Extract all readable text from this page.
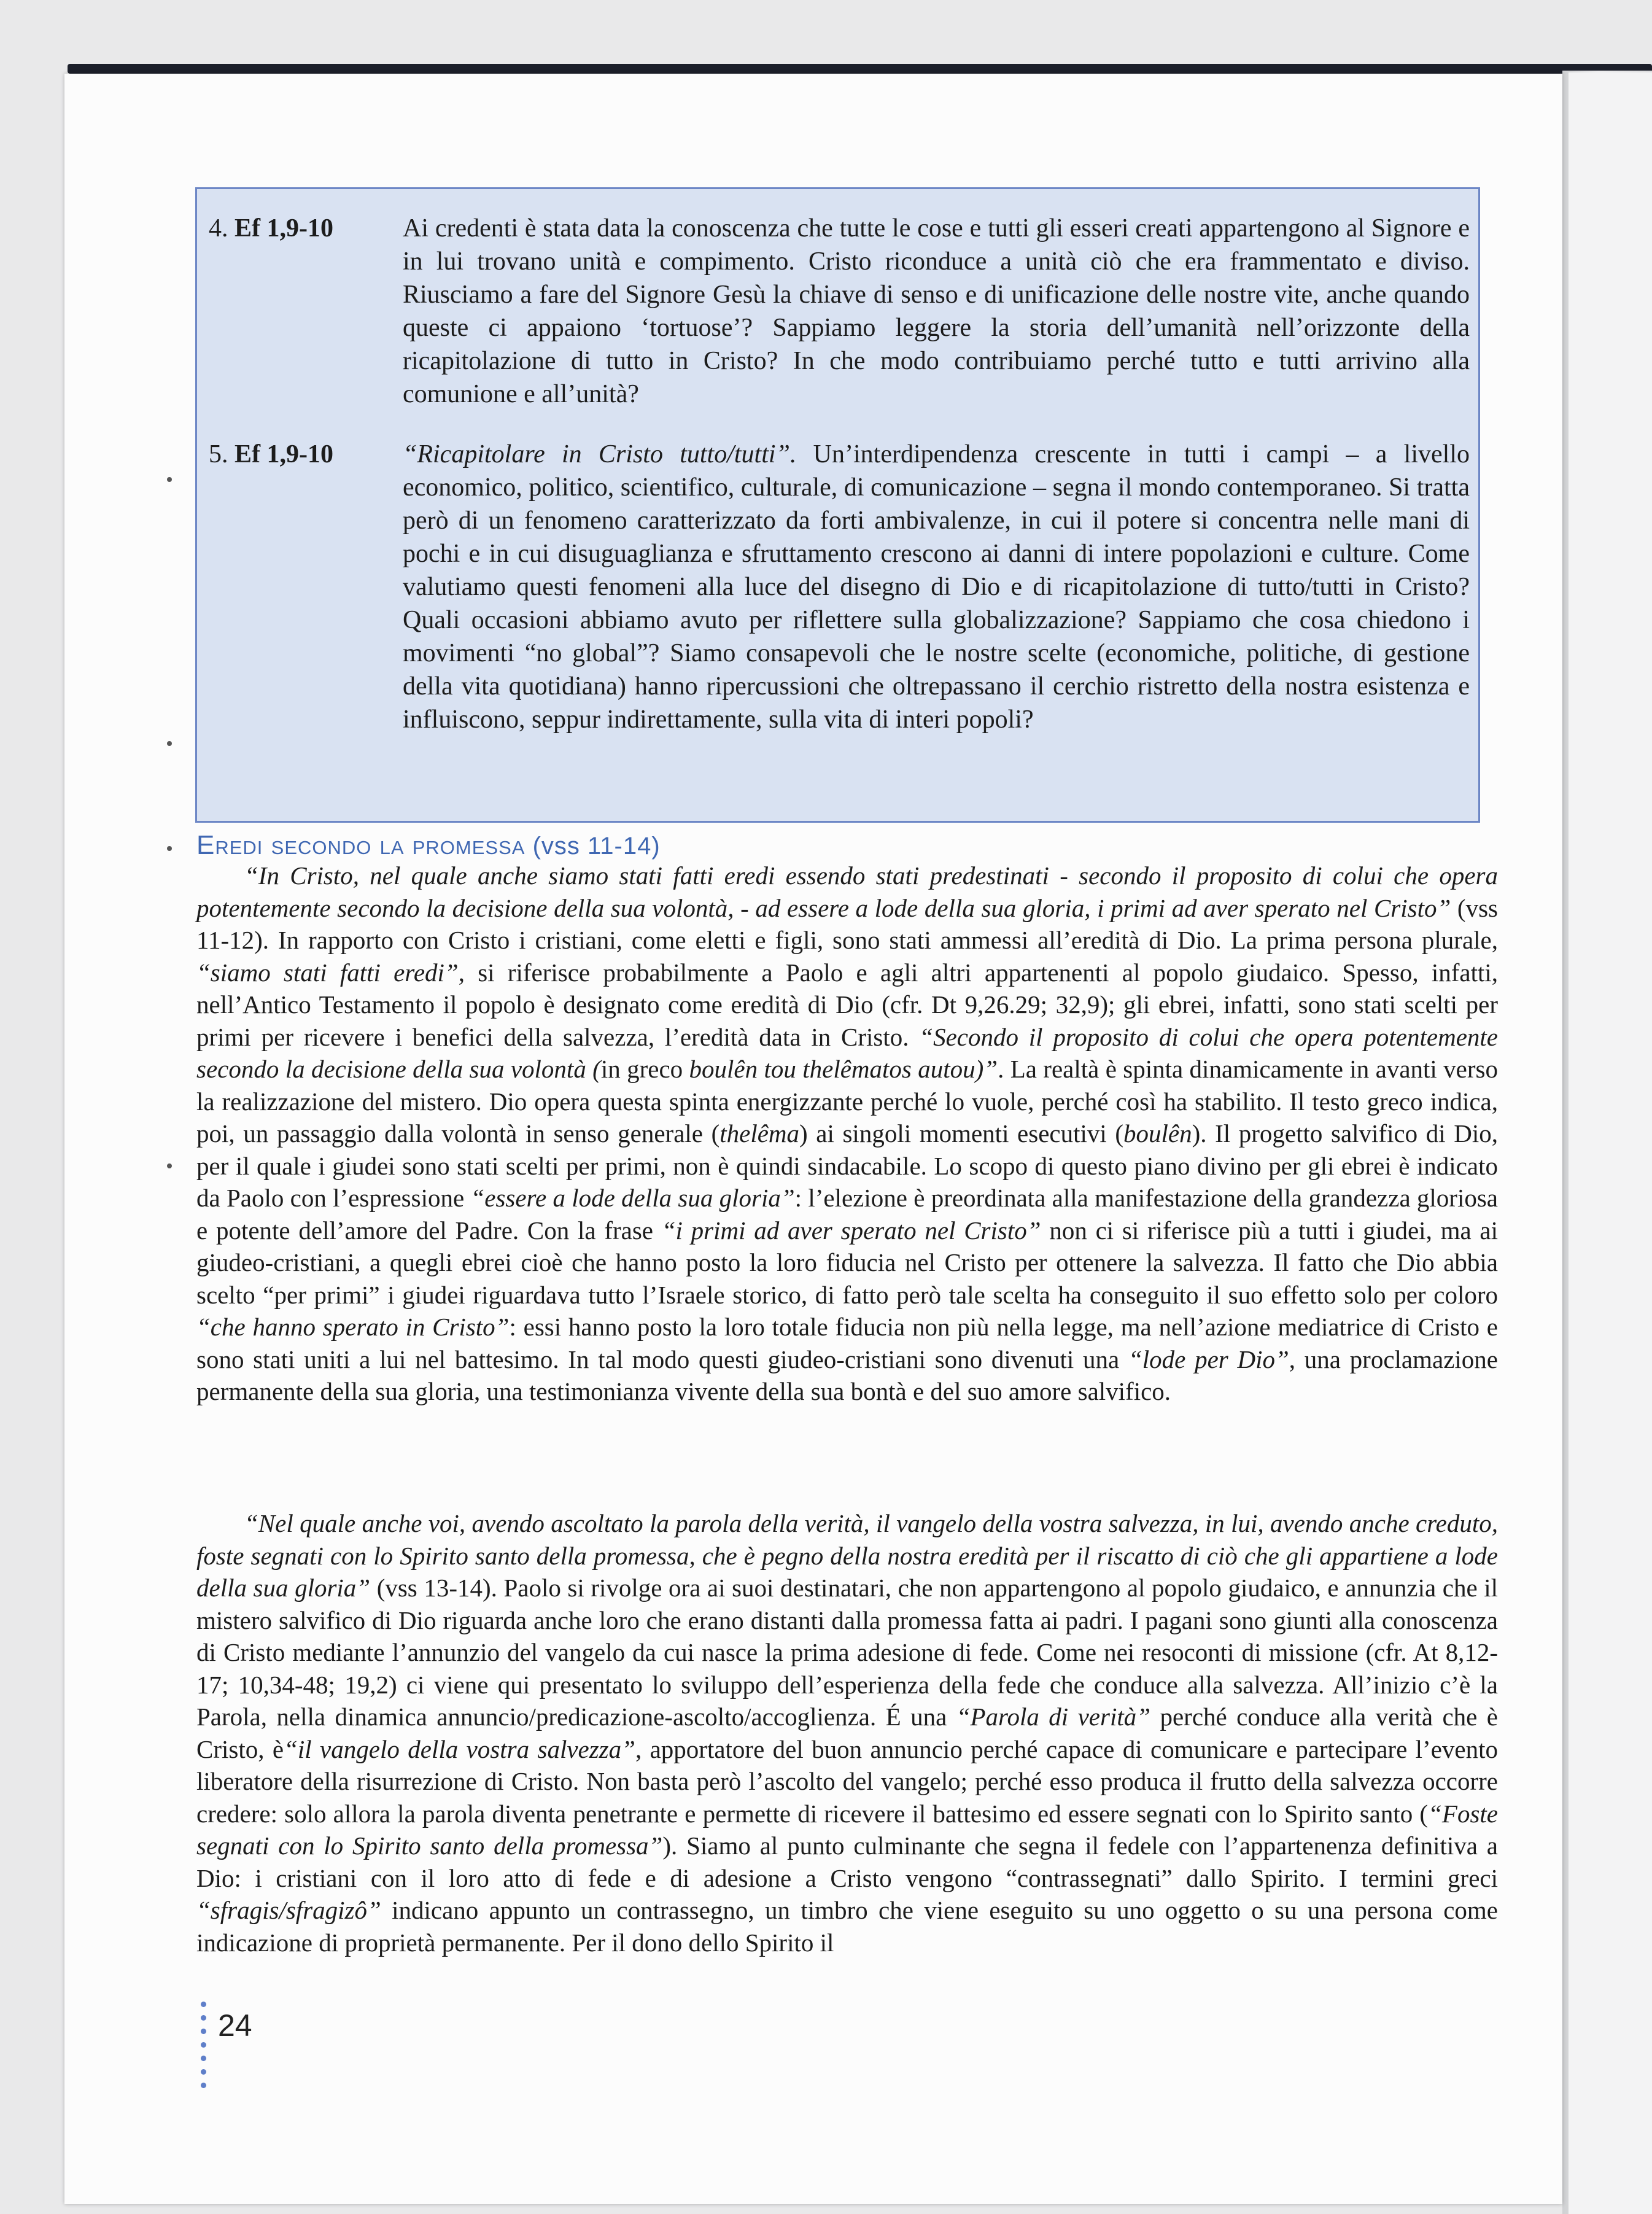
4. Ef 1,9-10	Ai credenti è stata data la conoscenza che tutte le cose e tutti gli esseri creati appartengono al Signore e in lui trovano unità e compimento. Cristo riconduce a unità ciò che era frammentato e diviso. Riusciamo a fare del Signore Gesù la chiave di senso e di unificazione delle nostre vite, anche quando queste ci appaiono ‘tortuose’? Sappiamo leggere la storia dell’umanità nell’orizzonte della ricapitolazione di tutto in Cristo? In che modo contribuiamo perché tutto e tutti arrivino alla comunione e all’unità?
5. Ef 1,9-10	“Ricapitolare in Cristo tutto/tutti”. Un’interdipendenza crescente in tutti i campi – a livello economico, politico, scientifico, culturale, di comunicazione – segna il mondo contemporaneo. Si tratta però di un fenomeno caratterizzato da forti ambivalenze, in cui il potere si concentra nelle mani di pochi e in cui disuguaglianza e sfruttamento crescono ai danni di intere popolazioni e culture. Come valutiamo questi fenomeni alla luce del disegno di Dio e di ricapitolazione di tutto/tutti in Cristo? Quali occasioni abbiamo avuto per riflettere sulla globalizzazione? Sappiamo che cosa chiedono i movimenti “no global”? Siamo consapevoli che le nostre scelte (economiche, politiche, di gestione della vita quotidiana) hanno ripercussioni che oltrepassano il cerchio ristretto della nostra esistenza e influiscono, seppur indirettamente, sulla vita di interi popoli?
Eredi secondo la promessa (vss 11-14)
“In Cristo, nel quale anche siamo stati fatti eredi essendo stati predestinati - secondo il proposito di colui che opera potentemente secondo la decisione della sua volontà, - ad essere a lode della sua gloria, i primi ad aver sperato nel Cristo” (vss 11-12). In rapporto con Cristo i cristiani, come eletti e figli, sono stati ammessi all’eredità di Dio. La prima persona plurale, “siamo stati fatti eredi”, si riferisce probabilmente a Paolo e agli altri appartenenti al popolo giudaico. Spesso, infatti, nell’Antico Testamento il popolo è designato come eredità di Dio (cfr. Dt 9,26.29; 32,9); gli ebrei, infatti, sono stati scelti per primi per ricevere i benefici della salvezza, l’eredità data in Cristo. “Secondo il proposito di colui che opera potentemente secondo la decisione della sua volontà (in greco boulên tou thelêmatos autou)”. La realtà è spinta dinamicamente in avanti verso la realizzazione del mistero. Dio opera questa spinta energizzante perché lo vuole, perché così ha stabilito. Il testo greco indica, poi, un passaggio dalla volontà in senso generale (thelêma) ai singoli momenti esecutivi (boulên). Il progetto salvifico di Dio, per il quale i giudei sono stati scelti per primi, non è quindi sindacabile. Lo scopo di questo piano divino per gli ebrei è indicato da Paolo con l’espressione “essere a lode della sua gloria”: l’elezione è preordinata alla manifestazione della grandezza gloriosa e potente dell’amore del Padre. Con la frase “i primi ad aver sperato nel Cristo” non ci si riferisce più a tutti i giudei, ma ai giudeo-cristiani, a quegli ebrei cioè che hanno posto la loro fiducia nel Cristo per ottenere la salvezza. Il fatto che Dio abbia scelto “per primi” i giudei riguardava tutto l’Israele storico, di fatto però tale scelta ha conseguito il suo effetto solo per coloro “che hanno sperato in Cristo”: essi hanno posto la loro totale fiducia non più nella legge, ma nell’azione mediatrice di Cristo e sono stati uniti a lui nel battesimo. In tal modo questi giudeo-cristiani sono divenuti una “lode per Dio”, una proclamazione permanente della sua gloria, una testimonianza vivente della sua bontà e del suo amore salvifico.
“Nel quale anche voi, avendo ascoltato la parola della verità, il vangelo della vostra salvezza, in lui, avendo anche creduto, foste segnati con lo Spirito santo della promessa, che è pegno della nostra eredità per il riscatto di ciò che gli appartiene a lode della sua gloria” (vss 13-14). Paolo si rivolge ora ai suoi destinatari, che non appartengono al popolo giudaico, e annunzia che il mistero salvifico di Dio riguarda anche loro che erano distanti dalla promessa fatta ai padri. I pagani sono giunti alla conoscenza di Cristo mediante l’annunzio del vangelo da cui nasce la prima adesione di fede. Come nei resoconti di missione (cfr. At 8,12-17; 10,34-48; 19,2) ci viene qui presentato lo sviluppo dell’esperienza della fede che conduce alla salvezza. All’inizio c’è la Parola, nella dinamica annuncio/predicazione-ascolto/accoglienza. É una “Parola di verità” perché conduce alla verità che è Cristo, è“il vangelo della vostra salvezza”, apportatore del buon annuncio perché capace di comunicare e partecipare l’evento liberatore della risurrezione di Cristo. Non basta però l’ascolto del vangelo; perché esso produca il frutto della salvezza occorre credere: solo allora la parola diventa penetrante e permette di ricevere il battesimo ed essere segnati con lo Spirito santo (“Foste segnati con lo Spirito santo della promessa”). Siamo al punto culminante che segna il fedele con l’appartenenza definitiva a Dio: i cristiani con il loro atto di fede e di adesione a Cristo vengono “contrassegnati” dallo Spirito. I termini greci “sfragis/sfragizô” indicano appunto un contrassegno, un timbro che viene eseguito su uno oggetto o su una persona come indicazione di proprietà permanente. Per il dono dello Spirito il
24
